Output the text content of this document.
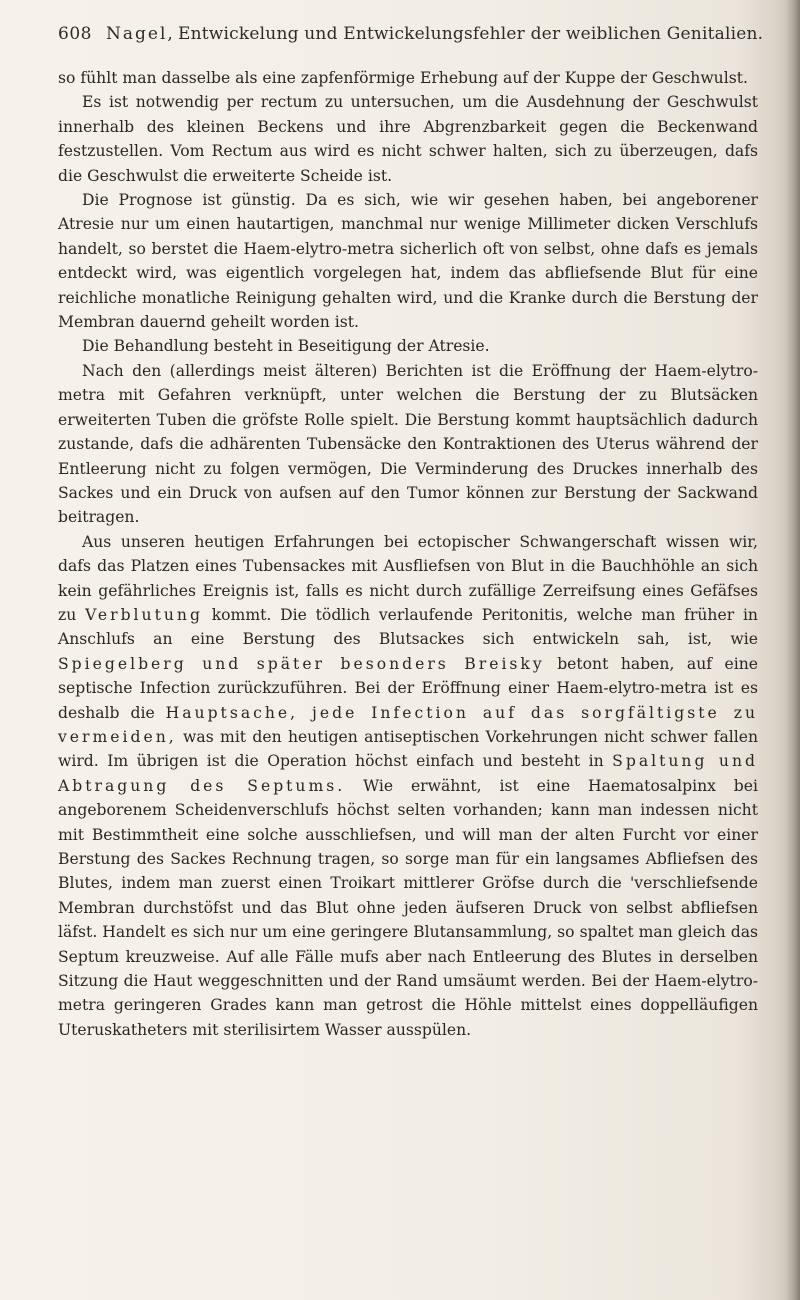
608 Nagel, Entwickelung und Entwickelungsfehler der weiblichen Genitalien.

so fühlt man dasselbe als eine zapfenförmige Erhebung auf der Kuppe der Geschwulst.

Es ist notwendig per rectum zu untersuchen, um die Ausdehnung der Geschwulst innerhalb des kleinen Beckens und ihre Abgrenzbarkeit gegen die Beckenwand festzustellen. Vom Rectum aus wird es nicht schwer halten, sich zu überzeugen, dafs die Geschwulst die erweiterte Scheide ist.

Die Prognose ist günstig. Da es sich, wie wir gesehen haben, bei angeborener Atresie nur um einen hautartigen, manchmal nur wenige Millimeter dicken Verschlufs handelt, so berstet die Haem-elytro-metra sicherlich oft von selbst, ohne dafs es jemals entdeckt wird, was eigentlich vorgelegen hat, indem das abfliefsende Blut für eine reichliche monatliche Reinigung gehalten wird, und die Kranke durch die Berstung der Membran dauernd geheilt worden ist.

Die Behandlung besteht in Beseitigung der Atresie.

Nach den (allerdings meist älteren) Berichten ist die Eröffnung der Haem-elytro-metra mit Gefahren verknüpft, unter welchen die Berstung der zu Blutsäcken erweiterten Tuben die gröfste Rolle spielt. Die Berstung kommt hauptsächlich dadurch zustande, dafs die adhärenten Tubensäcke den Kontraktionen des Uterus während der Entleerung nicht zu folgen vermögen, Die Verminderung des Druckes innerhalb des Sackes und ein Druck von aufsen auf den Tumor können zur Berstung der Sackwand beitragen.

Aus unseren heutigen Erfahrungen bei ectopischer Schwangerschaft wissen wir, dafs das Platzen eines Tubensackes mit Ausfliefsen von Blut in die Bauchhöhle an sich kein gefährliches Ereignis ist, falls es nicht durch zufällige Zerreifsung eines Gefäfses zu Verblutung kommt. Die tödlich verlaufende Peritonitis, welche man früher in Anschlufs an eine Berstung des Blutsackes sich entwickeln sah, ist, wie Spiegelberg und später besonders Breisky betont haben, auf eine septische Infection zurückzuführen. Bei der Eröffnung einer Haem-elytro-metra ist es deshalb die Hauptsache, jede Infection auf das sorgfältigste zu vermeiden, was mit den heutigen antiseptischen Vorkehrungen nicht schwer fallen wird. Im übrigen ist die Operation höchst einfach und besteht in Spaltung und Abtragung des Septums. Wie erwähnt, ist eine Haematosalpinx bei angeborenem Scheidenverschlufs höchst selten vorhanden; kann man indessen nicht mit Bestimmtheit eine solche ausschliefsen, und will man der alten Furcht vor einer Berstung des Sackes Rechnung tragen, so sorge man für ein langsames Abfliefsen des Blutes, indem man zuerst einen Troikart mittlerer Gröfse durch die 'verschliefsende Membran durchstöfst und das Blut ohne jeden äufseren Druck von selbst abfliefsen läfst. Handelt es sich nur um eine geringere Blutansammlung, so spaltet man gleich das Septum kreuzweise. Auf alle Fälle mufs aber nach Entleerung des Blutes in derselben Sitzung die Haut weggeschnitten und der Rand umsäumt werden. Bei der Haem-elytro-metra geringeren Grades kann man getrost die Höhle mittelst eines doppelläufigen Uteruskatheters mit sterilisirtem Wasser ausspülen.
